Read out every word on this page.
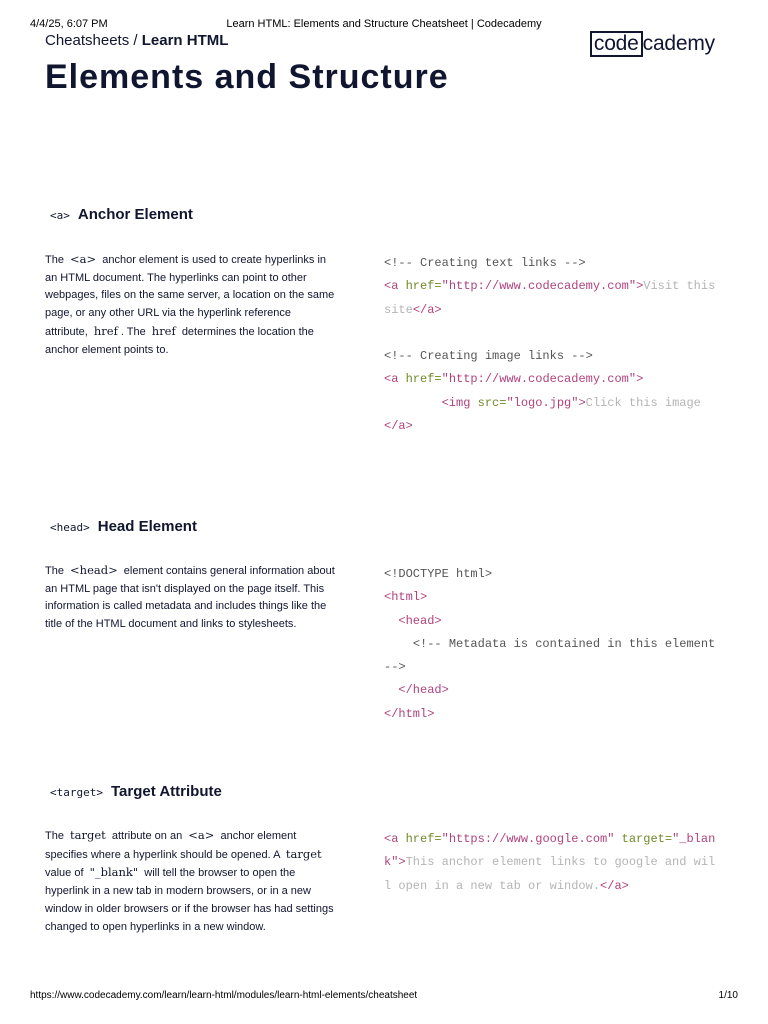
4/4/25, 6:07 PM	Learn HTML: Elements and Structure Cheatsheet | Codecademy
Cheatsheets / Learn HTML	code cademy
Elements and Structure
<a> Anchor Element
The <a> anchor element is used to create hyperlinks in an HTML document. The hyperlinks can point to other webpages, files on the same server, a location on the same page, or any other URL via the hyperlink reference attribute, href . The href determines the location the anchor element points to.
<!-- Creating text links -->
<a href="http://www.codecademy.com">Visit this site</a>

<!-- Creating image links -->
<a href="http://www.codecademy.com">
<img src="logo.jpg">Click this image
</a>
<head> Head Element
The <head> element contains general information about an HTML page that isn't displayed on the page itself. This information is called metadata and includes things like the title of the HTML document and links to stylesheets.
<!DOCTYPE html>
<html>
<head>
<!-- Metadata is contained in this element-->
</head>
</html>
<target> Target Attribute
The target attribute on an <a> anchor element specifies where a hyperlink should be opened. A target value of "_blank" will tell the browser to open the hyperlink in a new tab in modern browsers, or in a new window in older browsers or if the browser has had settings changed to open hyperlinks in a new window.
<a href="https://www.google.com" target="_blank">This anchor element links to google and will open in a new tab or window.</a>
https://www.codecademy.com/learn/learn-html/modules/learn-html-elements/cheatsheet	1/10
